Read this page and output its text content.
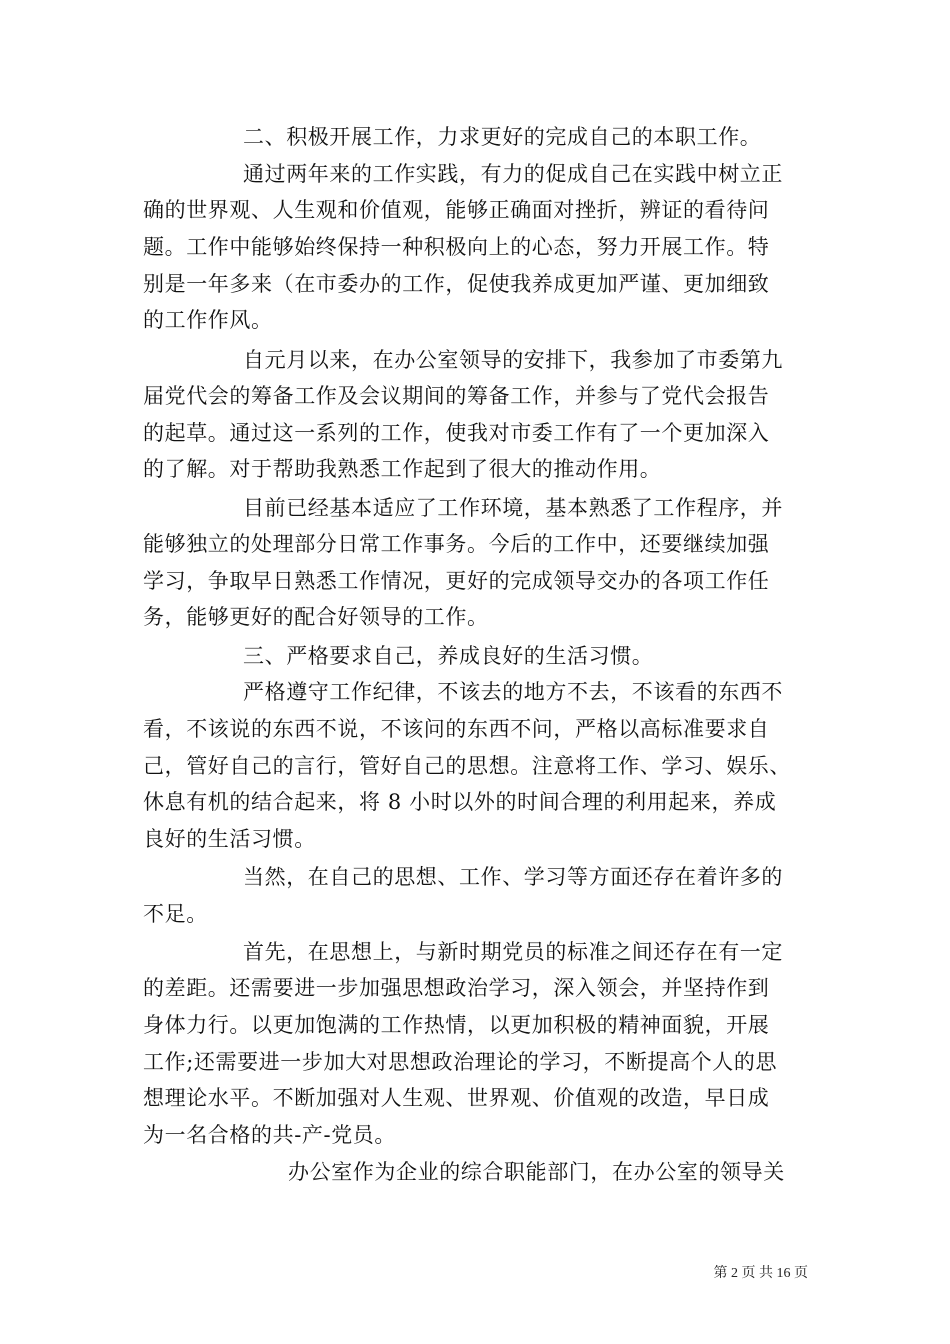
二、积极开展工作，力求更好的完成自己的本职工作。
通过两年来的工作实践，有力的促成自己在实践中树立正
确的世界观、人生观和价值观，能够正确面对挫折，辨证的看待问
题。工作中能够始终保持一种积极向上的心态，努力开展工作。特
别是一年多来（在市委办的工作，促使我养成更加严谨、更加细致
的工作作风。
自元月以来，在办公室领导的安排下，我参加了市委第九
届党代会的筹备工作及会议期间的筹备工作，并参与了党代会报告
的起草。通过这一系列的工作，使我对市委工作有了一个更加深入
的了解。对于帮助我熟悉工作起到了很大的推动作用。
目前已经基本适应了工作环境，基本熟悉了工作程序，并
能够独立的处理部分日常工作事务。今后的工作中，还要继续加强
学习，争取早日熟悉工作情况，更好的完成领导交办的各项工作任
务，能够更好的配合好领导的工作。
三、严格要求自己，养成良好的生活习惯。
严格遵守工作纪律，不该去的地方不去，不该看的东西不
看，不该说的东西不说，不该问的东西不问，严格以高标准要求自
己，管好自己的言行，管好自己的思想。注意将工作、学习、娱乐、
休息有机的结合起来，将 8 小时以外的时间合理的利用起来，养成
良好的生活习惯。
当然，在自己的思想、工作、学习等方面还存在着许多的
不足。
首先，在思想上，与新时期党员的标准之间还存在有一定
的差距。还需要进一步加强思想政治学习，深入领会，并坚持作到
身体力行。以更加饱满的工作热情，以更加积极的精神面貌，开展
工作;还需要进一步加大对思想政治理论的学习，不断提高个人的思
想理论水平。不断加强对人生观、世界观、价值观的改造，早日成
为一名合格的共-产-党员。
办公室作为企业的综合职能部门，在办公室的领导关
第 2 页 共 16 页
